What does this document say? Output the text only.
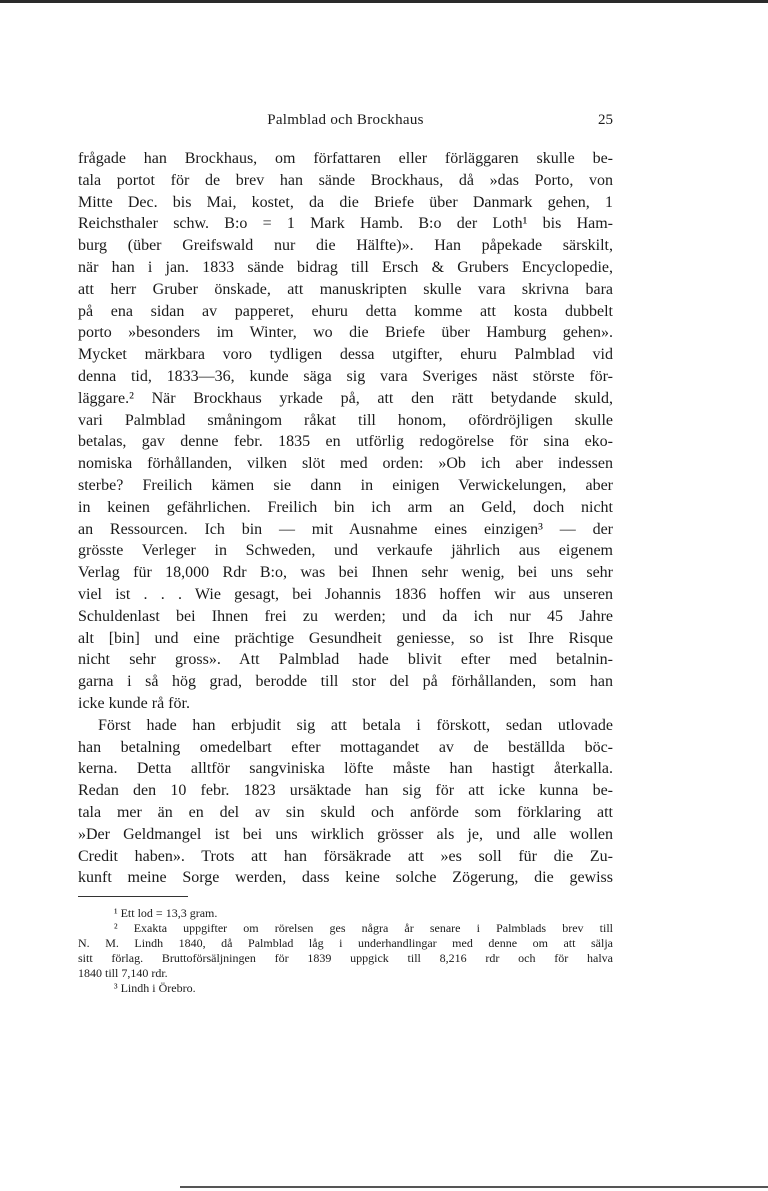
Palmblad och Brockhaus	25
frågade han Brockhaus, om författaren eller förläggaren skulle be-
tala portot för de brev han sände Brockhaus, då »das Porto, von
Mitte Dec. bis Mai, kostet, da die Briefe über Danmark gehen, 1
Reichsthaler schw. B:o = 1 Mark Hamb. B:o der Loth¹ bis Ham-
burg (über Greifswald nur die Hälfte)». Han påpekade särskilt,
när han i jan. 1833 sände bidrag till Ersch & Grubers Encyclopedie,
att herr Gruber önskade, att manuskripten skulle vara skrivna bara
på ena sidan av papperet, ehuru detta komme att kosta dubbelt
porto »besonders im Winter, wo die Briefe über Hamburg gehen».
Mycket märkbara voro tydligen dessa utgifter, ehuru Palmblad vid
denna tid, 1833—36, kunde säga sig vara Sveriges näst störste för-
läggare.² När Brockhaus yrkade på, att den rätt betydande skuld,
vari Palmblad småningom råkat till honom, ofördröjligen skulle
betalas, gav denne febr. 1835 en utförlig redogörelse för sina eko-
nomiska förhållanden, vilken slöt med orden: »Ob ich aber indessen
sterbe? Freilich kämen sie dann in einigen Verwickelungen, aber
in keinen gefährlichen. Freilich bin ich arm an Geld, doch nicht
an Ressourcen. Ich bin — mit Ausnahme eines einzigen³ — der
grösste Verleger in Schweden, und verkaufe jährlich aus eigenem
Verlag für 18,000 Rdr B:o, was bei Ihnen sehr wenig, bei uns sehr
viel ist . . . Wie gesagt, bei Johannis 1836 hoffen wir aus unseren
Schuldenlast bei Ihnen frei zu werden; und da ich nur 45 Jahre
alt [bin] und eine prächtige Gesundheit geniesse, so ist Ihre Risque
nicht sehr gross». Att Palmblad hade blivit efter med betalnin-
garna i så hög grad, berodde till stor del på förhållanden, som han
icke kunde rå för.
Först hade han erbjudit sig att betala i förskott, sedan utlovade
han betalning omedelbart efter mottagandet av de beställda böc-
kerna. Detta alltför sangviniska löfte måste han hastigt återkalla.
Redan den 10 febr. 1823 ursäktade han sig för att icke kunna be-
tala mer än en del av sin skuld och anförde som förklaring att
»Der Geldmangel ist bei uns wirklich grösser als je, und alle wollen
Credit haben». Trots att han försäkrade att »es soll für die Zu-
kunft meine Sorge werden, dass keine solche Zögerung, die gewiss
¹ Ett lod = 13,3 gram.
² Exakta uppgifter om rörelsen ges några år senare i Palmblads brev till
N. M. Lindh 1840, då Palmblad låg i underhandlingar med denne om att sälja
sitt förlag. Bruttoförsäljningen för 1839 uppgick till 8,216 rdr och för halva
1840 till 7,140 rdr.
³ Lindh i Örebro.
